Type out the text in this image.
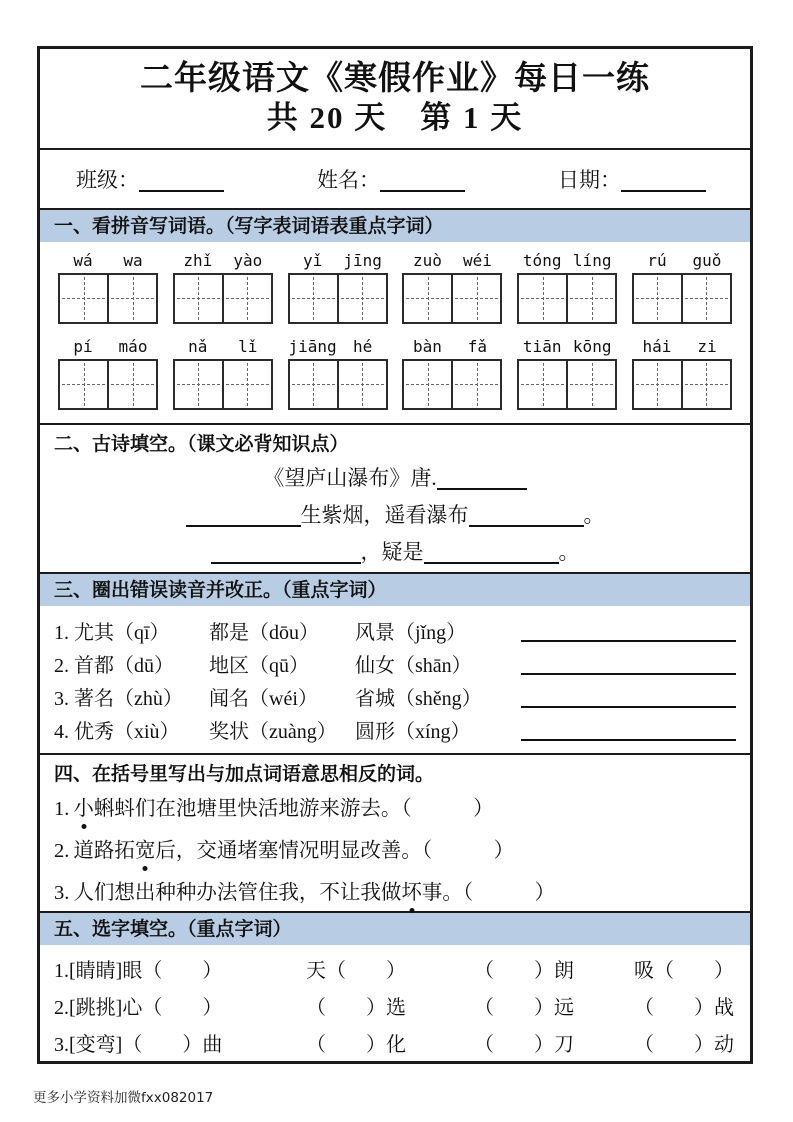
二年级语文《寒假作业》每日一练
共 20 天　第 1 天
班级：	姓名：	日期：
一、看拼音写词语。（写字表词语表重点字词）
wá	wa	zhǐ	yào	yǐ	jīng	zuò	wéi	tóng líng	rú	guǒ
pí	máo	nǎ	lǐ	jiāng	hé	bàn	fǎ	tiān kōng	hái	zi
二、古诗填空。（课文必背知识点）
《望庐山瀑布》唐.
生紫烟，遥看瀑布	。
，疑是	。
三、圈出错误读音并改正。（重点字词）
1. 尤其（qī）	都是（dōu）	风景（jǐng）
2. 首都（dū）	地区（qū）	仙女（shān）
3. 著名（zhù）	闻名（wéi）	省城（shěng）
4. 优秀（xiù）	奖状（zuàng） 圆形（xíng）
四、在括号里写出与加点词语意思相反的词。
1. 小蝌蚪们在池塘里快活地游来游去。（　　　）
2. 道路拓宽后，交通堵塞情况明显改善。（　　　）
3. 人们想出种种办法管住我，不让我做坏事。（　　　）
五、选字填空。（重点字词）
1.[睛睛]眼（　　）	天（　　）	（　　）朗	吸（　　）
2.[跳挑]心（　　）	（　　）选	（　　）远	（　　）战
3.[变弯]（　　）曲	（　　）化	（　　）刀	（　　）动
更多小学资料加微fxx082017
